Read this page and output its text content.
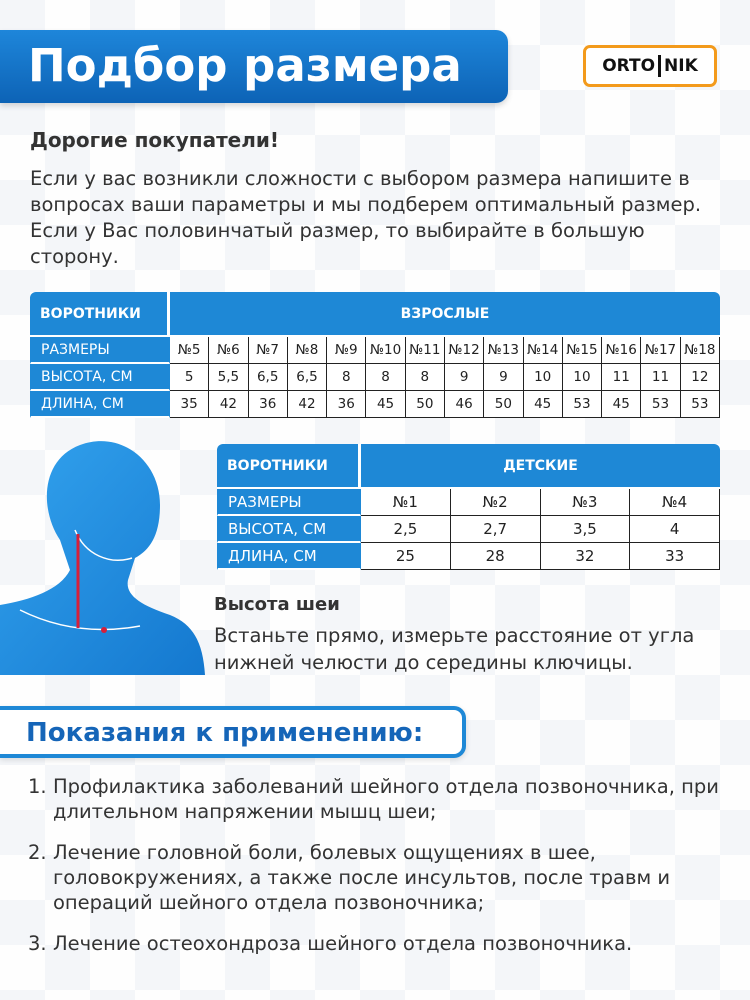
Подбор размера	ORTO NIK
Дорогие покупатели!
Если у вас возникли сложности с выбором размера напишите в вопросах ваши параметры и мы подберем оптимальный размер. Если у Вас половинчатый размер, то выбирайте в большую сторону.
ВОРОТНИКИ	ВЗРОСЛЫЕ													
РАЗМЕРЫ	№5	№6	№7	№8	№9	№10	№11	№12	№13	№14	№15	№16	№17	№18
ВЫСОТА, СМ	5	5,5	6,5	6,5	8	8	8	9	9	10	10	11	11	12
ДЛИНА, СМ	35	42	36	42	36	45	50	46	50	45	53	45	53	53
ВОРОТНИКИ	ДЕТСКИЕ			
РАЗМЕРЫ	№1	№2	№3	№4
ВЫСОТА, СМ	2,5	2,7	3,5	4
ДЛИНА, СМ	25	28	32	33
Высота шеи
Встаньте прямо, измерьте расстояние от угла нижней челюсти до середины ключицы.
Показания к применению:
1. Профилактика заболеваний шейного отдела позвоночника, при длительном напряжении мышц шеи;
2. Лечение головной боли, болевых ощущениях в шее, головокружениях, а также после инсультов, после травм и операций шейного отдела позвоночника;
3. Лечение остеохондроза шейного отдела позвоночника.
